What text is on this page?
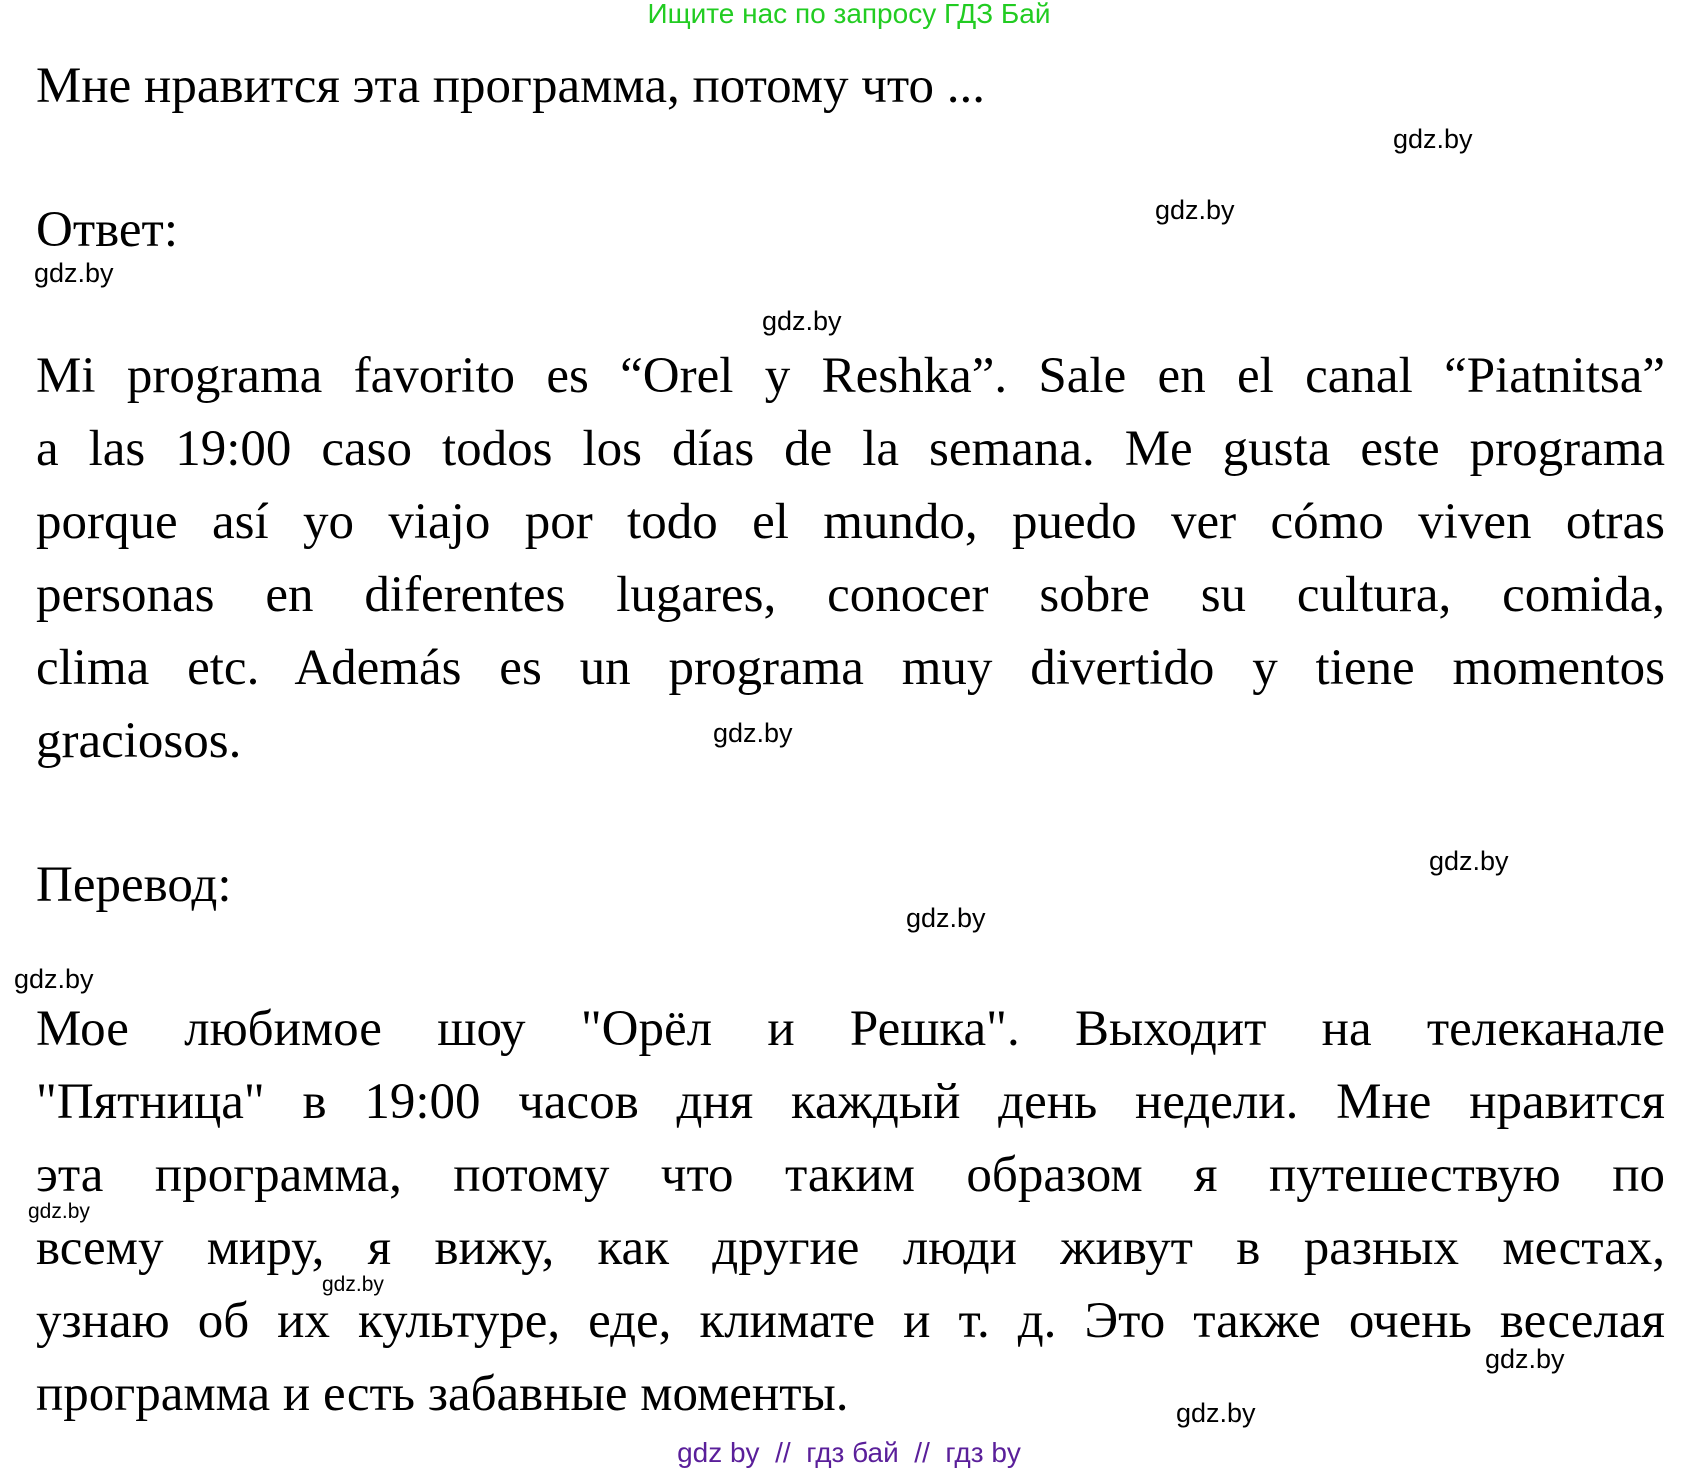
Ищите нас по запросу ГДЗ Бай
Мне нравится эта программа, потому что ...
Ответ:
Mi programa favorito es “Orel y Reshka”. Sale en el canal “Piatnitsa”
a las 19:00 caso todos los días de la semana. Me gusta este programa
porque así yo viajo por todo el mundo, puedo ver cómo viven otras
personas en diferentes lugares, conocer sobre su cultura, comida,
clima etc. Además es un programa muy divertido y tiene momentos
graciosos.
Перевод:
Мое любимое шоу "Орёл и Решка". Выходит на телеканале
"Пятница" в 19:00 часов дня каждый день недели. Мне нравится
эта программа, потому что таким образом я путешествую по
всему миру, я вижу, как другие люди живут в разных местах,
узнаю об их культуре, еде, климате и т. д. Это также очень веселая
программа и есть забавные моменты.
gdz.by
gdz.by
gdz.by
gdz.by
gdz.by
gdz.by
gdz.by
gdz.by
gdz.by
gdz.by
gdz.by
gdz.by
gdz by  //  гдз бай  //  гдз by
